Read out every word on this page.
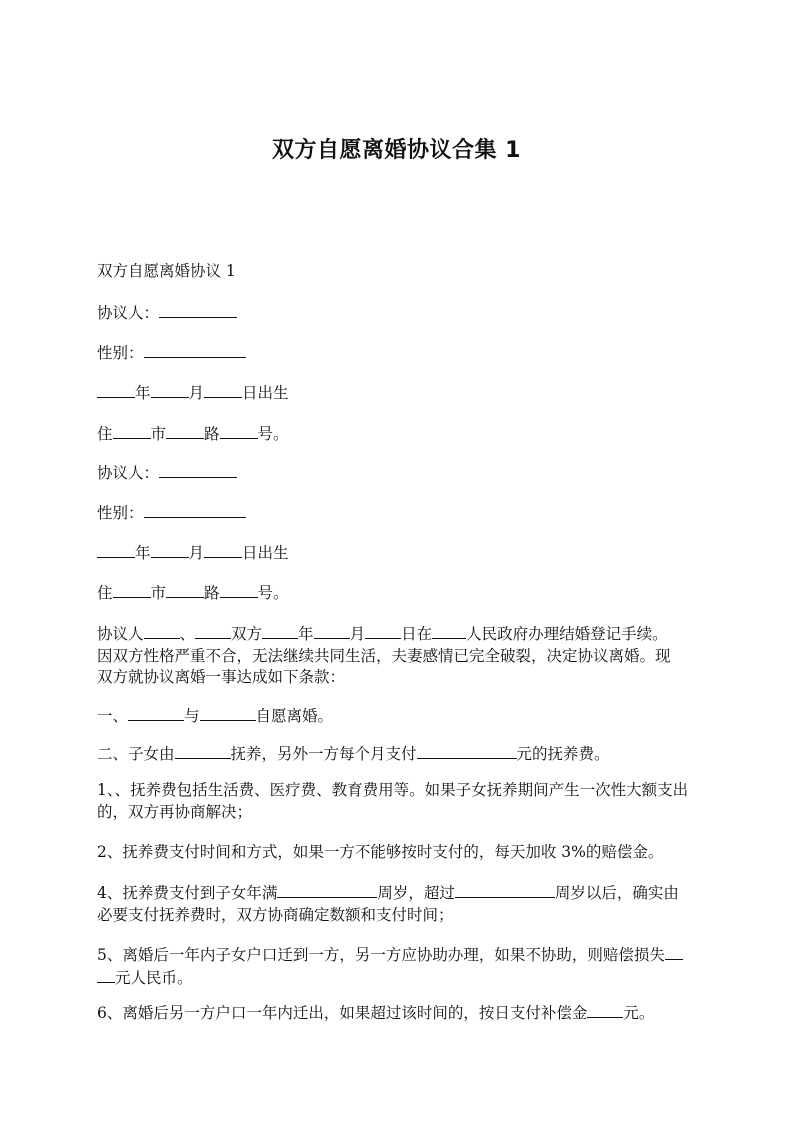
双方自愿离婚协议合集 1
双方自愿离婚协议 1
协议人：
性别：
年 月 日出生
住 市 路 号。
协议人：
性别：
年 月 日出生
住 市 路 号。
协议人 、 双方 年 月 日在 人民政府办理结婚登记手续。
因双方性格严重不合，无法继续共同生活，夫妻感情已完全破裂，决定协议离婚。现
双方就协议离婚一事达成如下条款：
一、	与	自愿离婚。
二、子女由	抚养，另外一方每个月支付	元的抚养费。
1、、抚养费包括生活费、医疗费、教育费用等。如果子女抚养期间产生一次性大额支出
的，双方再协商解决；
2、抚养费支付时间和方式，如果一方不能够按时支付的，每天加收 3%的赔偿金。
4、抚养费支付到子女年满	周岁，超过	周岁以后，确实由
必要支付抚养费时，双方协商确定数额和支付时间；
5、离婚后一年内子女户口迁到一方，另一方应协助办理，如果不协助，则赔偿损失
元人民币。
6、离婚后另一方户口一年内迁出，如果超过该时间的，按日支付补偿金 元。
